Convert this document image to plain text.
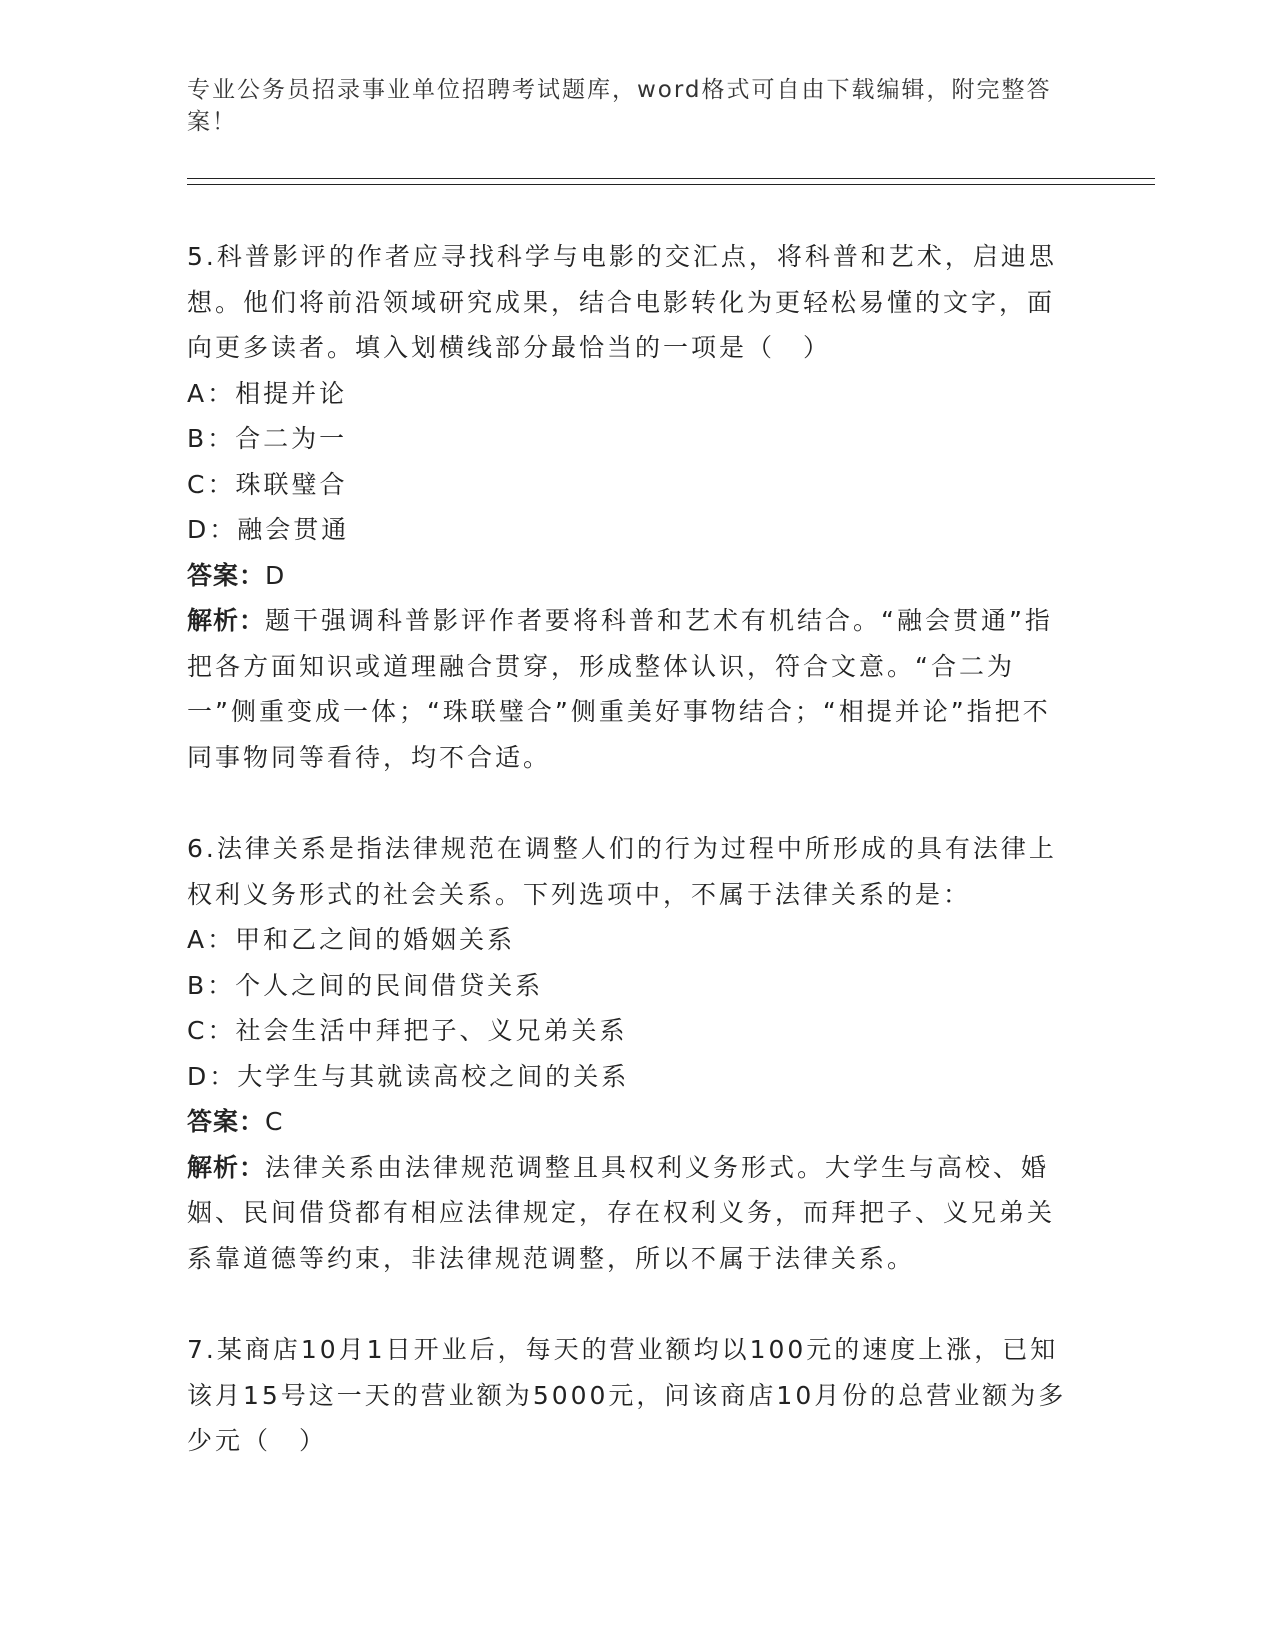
专业公务员招录事业单位招聘考试题库，word格式可自由下载编辑，附完整答案！

5.科普影评的作者应寻找科学与电影的交汇点，将科普和艺术，启迪思想。他们将前沿领域研究成果，结合电影转化为更轻松易懂的文字，面向更多读者。填入划横线部分最恰当的一项是（　）

A：相提并论

B：合二为一

C：珠联璧合

D：融会贯通

答案：D

解析：题干强调科普影评作者要将科普和艺术有机结合。“融会贯通”指把各方面知识或道理融合贯穿，形成整体认识，符合文意。“合二为一”侧重变成一体；“珠联璧合”侧重美好事物结合；“相提并论”指把不同事物同等看待，均不合适。

6.法律关系是指法律规范在调整人们的行为过程中所形成的具有法律上权利义务形式的社会关系。下列选项中，不属于法律关系的是：

A：甲和乙之间的婚姻关系

B：个人之间的民间借贷关系

C：社会生活中拜把子、义兄弟关系

D：大学生与其就读高校之间的关系

答案：C

解析：法律关系由法律规范调整且具权利义务形式。大学生与高校、婚姻、民间借贷都有相应法律规定，存在权利义务，而拜把子、义兄弟关系靠道德等约束，非法律规范调整，所以不属于法律关系。

7.某商店10月1日开业后，每天的营业额均以100元的速度上涨，已知该月15号这一天的营业额为5000元，问该商店10月份的总营业额为多少元（　）
